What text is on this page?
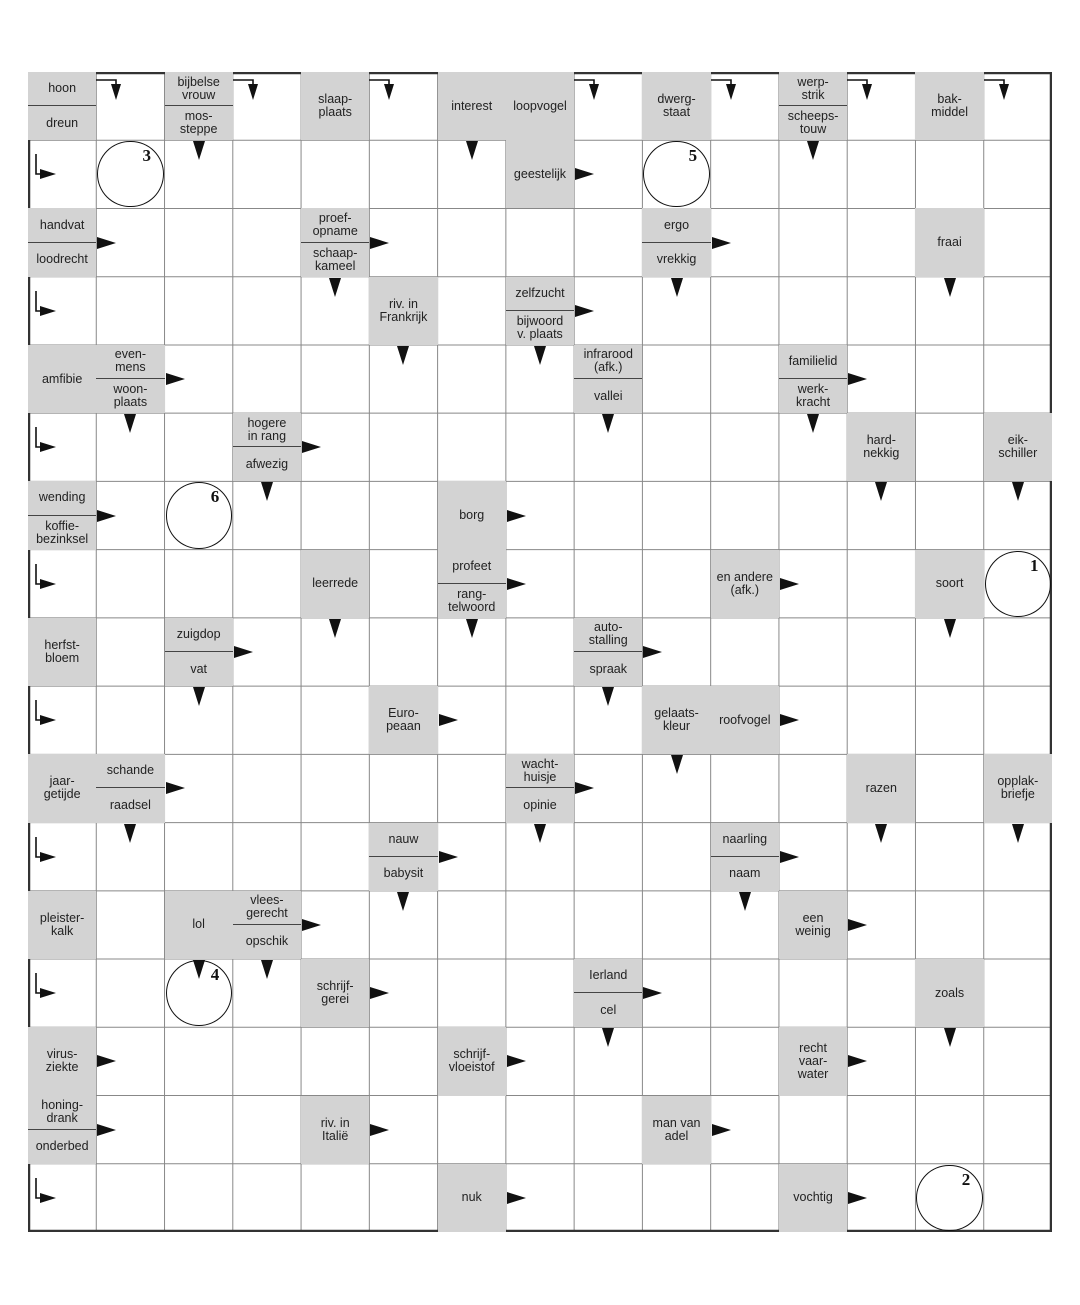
hoon
dreun
bijbelse
vrouw
mos-
steppe
slaap-
plaats	interest	loopvogel	dwerg-
staat
werp-
strik
scheeps-
touw
bak-
middel
geestelijk
handvat
loodrecht
proef-
opname
schaap-
kameel
ergo
vrekkig
fraai
riv. in
Frankrijk
zelfzucht
bijwoord
v. plaats
amfibie
even-
mens
woon-
plaats
infrarood
(afk.)
vallei
familielid
werk-
kracht
hogere
in rang
afwezig
hard-
nekkig
eik-
schiller
wending
koffie-
bezinksel
borg
leerrede
profeet
rang-
telwoord
en andere
(afk.)	soort
herfst-
bloem
zuigdop
vat
auto-
stalling
spraak
Euro-
peaan
gelaats-
kleur	roofvogel
jaar-
getijde
schande
raadsel
wacht-
huisje
opinie
razen	opplak-
briefje
nauw
babysit
naarling
naam
pleister-
kalk	lol
vlees-
gerecht
opschik
een
weinig
schrijf-
gerei
Ierland
cel
zoals
virus-
ziekte
schrijf-
vloeistof
recht
vaar-
water
honing-
drank
onderbed
riv. in
Italië
man van
adel
nuk	vochtig
3	5
6
1
4
2
